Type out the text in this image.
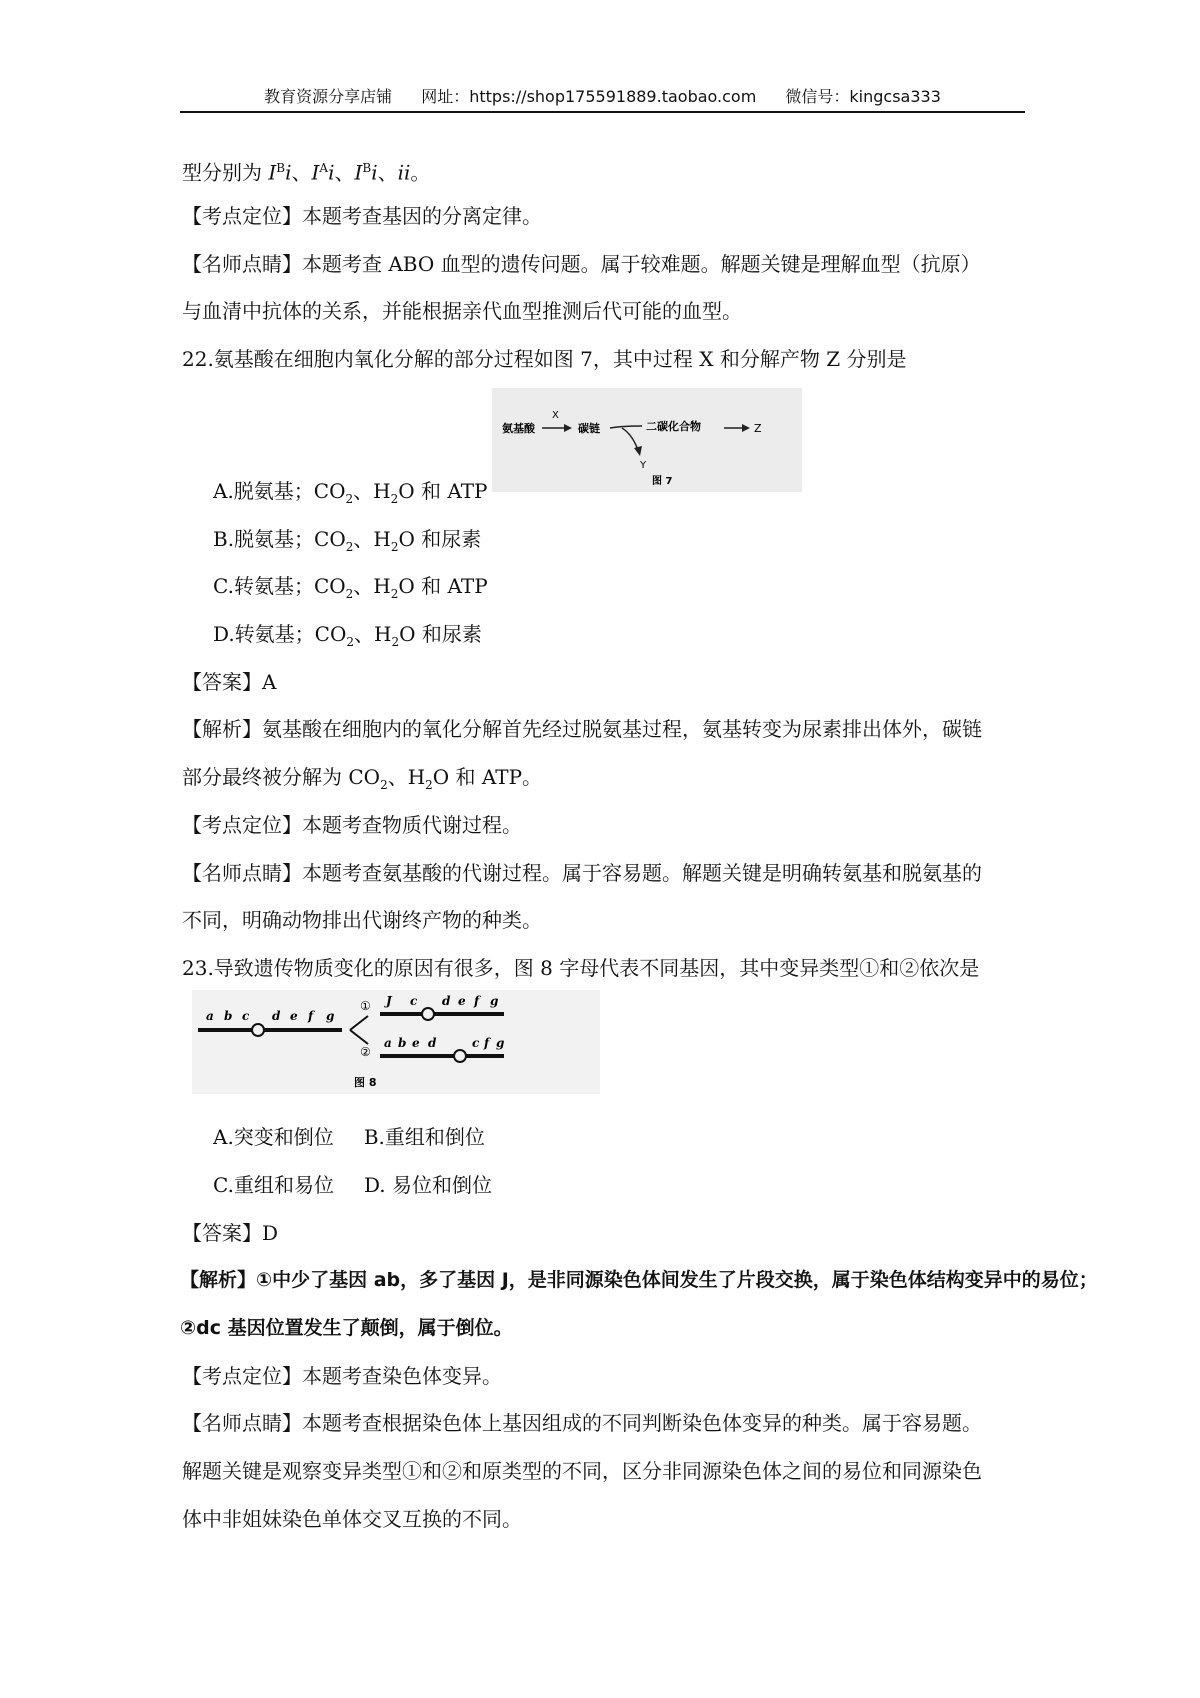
教育资源分享店铺 网址：https://shop175591889.taobao.com 微信号：kingcsa333
型分别为 $I^Bi$、$I^Ai$、$I^Bi$、ii。
【考点定位】本题考查基因的分离定律。
【名师点睛】本题考查 ABO 血型的遗传问题。属于较难题。解题关键是理解血型（抗原）
与血清中抗体的关系，并能根据亲代血型推测后代可能的血型。
22.氨基酸在细胞内氧化分解的部分过程如图 7，其中过程 X 和分解产物 Z 分别是
氨基酸
X
碳链
Y
二碳化合物	Z
图 7
A.脱氨基；$CO_2$、$H_2O$ 和 ATP
B.脱氨基；$CO_2$、$H_2O$ 和尿素
C.转氨基；$CO_2$、$H_2O$ 和 ATP
D.转氨基；$CO_2$、$H_2O$ 和尿素
【答案】A
【解析】氨基酸在细胞内的氧化分解首先经过脱氨基过程，氨基转变为尿素排出体外，碳链
部分最终被分解为 $CO_2$、$H_2O$ 和 ATP。
【考点定位】本题考查物质代谢过程。
【名师点睛】本题考查氨基酸的代谢过程。属于容易题。解题关键是明确转氨基和脱氨基的
不同，明确动物排出代谢终产物的种类。
23.导致遗传物质变化的原因有很多，图 8 字母代表不同基因，其中变异类型①和②依次是
a b c d e f g
①
②
J c d e f g
a b e d	c f g
图 8
A.突变和倒位 B.重组和倒位
C.重组和易位 D. 易位和倒位
【答案】D
【解析】①中少了基因 ab，多了基因 J，是非同源染色体间发生了片段交换，属于染色体结构变异中的易位；
②dc 基因位置发生了颠倒，属于倒位。
【考点定位】本题考查染色体变异。
【名师点睛】本题考查根据染色体上基因组成的不同判断染色体变异的种类。属于容易题。
解题关键是观察变异类型①和②和原类型的不同，区分非同源染色体之间的易位和同源染色
体中非姐妹染色单体交叉互换的不同。
